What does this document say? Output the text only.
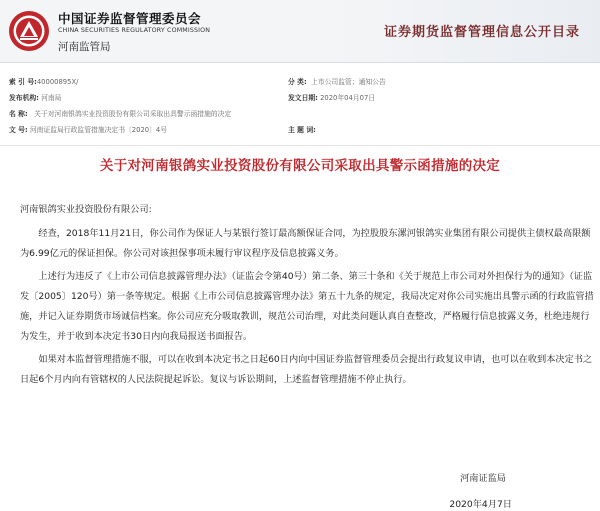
中国证券监督管理委员会
CHINA SECURITIES REGULATORY COMMISSION
河南监管局
证券期货监督管理信息公开目录
索 引 号:40000895X/	分 类: 上市公司监管；通知公告
发布机构: 河南局	发文日期: 2020年04月07日
名 称: 关于对河南银鸽实业投资股份有限公司采取出具警示函措施的决定
文 号: 河南证监局行政监管措施决定书〔2020〕4号	主 题 词:
关于对河南银鸽实业投资股份有限公司采取出具警示函措施的决定

河南银鸽实业投资股份有限公司:

经查，2018年11月21日，你公司作为保证人与某银行签订最高额保证合同，为控股股东漯河银鸽实业集团有限公司提供主债权最高限额为6.99亿元的保证担保。你公司对该担保事项未履行审议程序及信息披露义务。

上述行为违反了《上市公司信息披露管理办法》（证监会令第40号）第二条、第三十条和《关于规范上市公司对外担保行为的通知》（证监发〔2005〕120号）第一条等规定。根据《上市公司信息披露管理办法》第五十九条的规定，我局决定对你公司实施出具警示函的行政监管措施，并记入证券期货市场诚信档案。你公司应充分吸取教训，规范公司治理，对此类问题认真自查整改，严格履行信息披露义务，杜绝违规行为发生，并于收到本决定书30日内向我局报送书面报告。

如果对本监督管理措施不服，可以在收到本决定书之日起60日内向中国证券监督管理委员会提出行政复议申请，也可以在收到本决定书之日起6个月内向有管辖权的人民法院提起诉讼。复议与诉讼期间，上述监督管理措施不停止执行。

河南证监局
2020年4月7日
